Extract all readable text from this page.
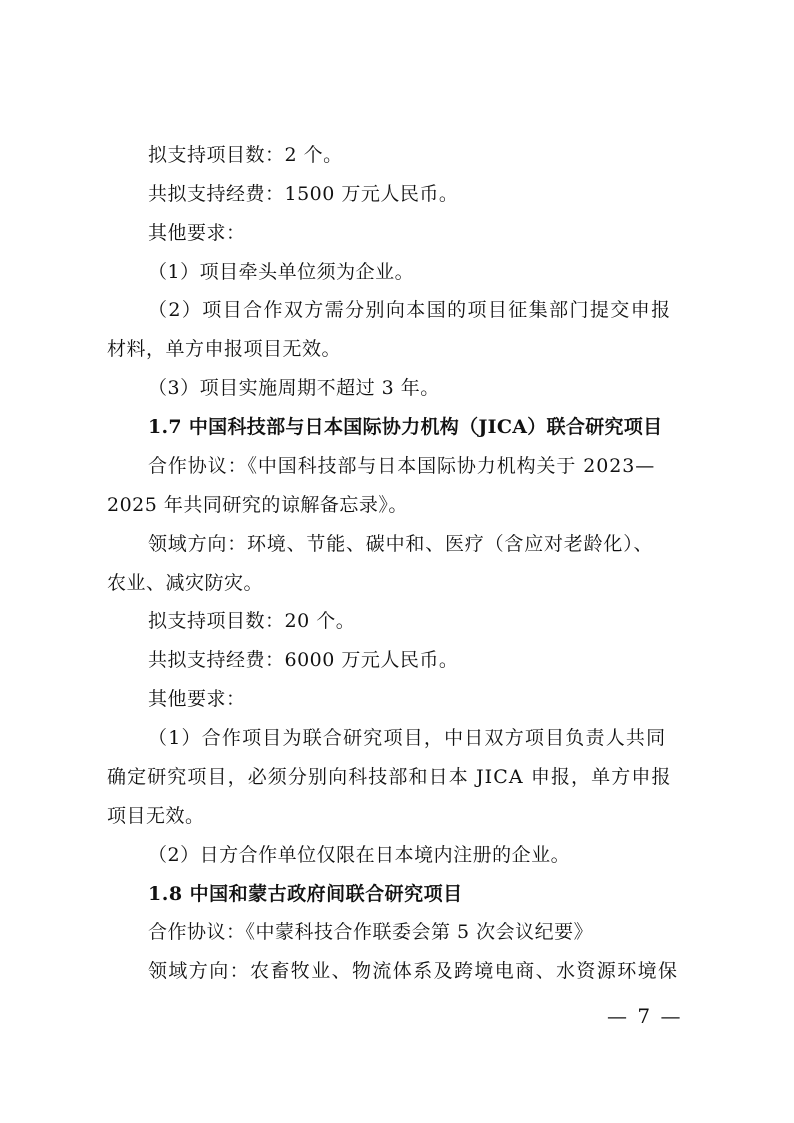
拟支持项目数：2 个。
共拟支持经费：1500 万元人民币。
其他要求：
（1）项目牵头单位须为企业。
（2）项目合作双方需分别向本国的项目征集部门提交申报
材料，单方申报项目无效。
（3）项目实施周期不超过 3 年。
1.7 中国科技部与日本国际协力机构（JICA）联合研究项目
合作协议：《中国科技部与日本国际协力机构关于 2023—
2025 年共同研究的谅解备忘录》。
领域方向：环境、节能、碳中和、医疗（含应对老龄化）、
农业、减灾防灾。
拟支持项目数：20 个。
共拟支持经费：6000 万元人民币。
其他要求：
（1）合作项目为联合研究项目，中日双方项目负责人共同
确定研究项目，必须分别向科技部和日本 JICA 申报，单方申报
项目无效。
（2）日方合作单位仅限在日本境内注册的企业。
1.8 中国和蒙古政府间联合研究项目
合作协议：《中蒙科技合作联委会第 5 次会议纪要》
领域方向：农畜牧业、物流体系及跨境电商、水资源环境保
— 7 —
